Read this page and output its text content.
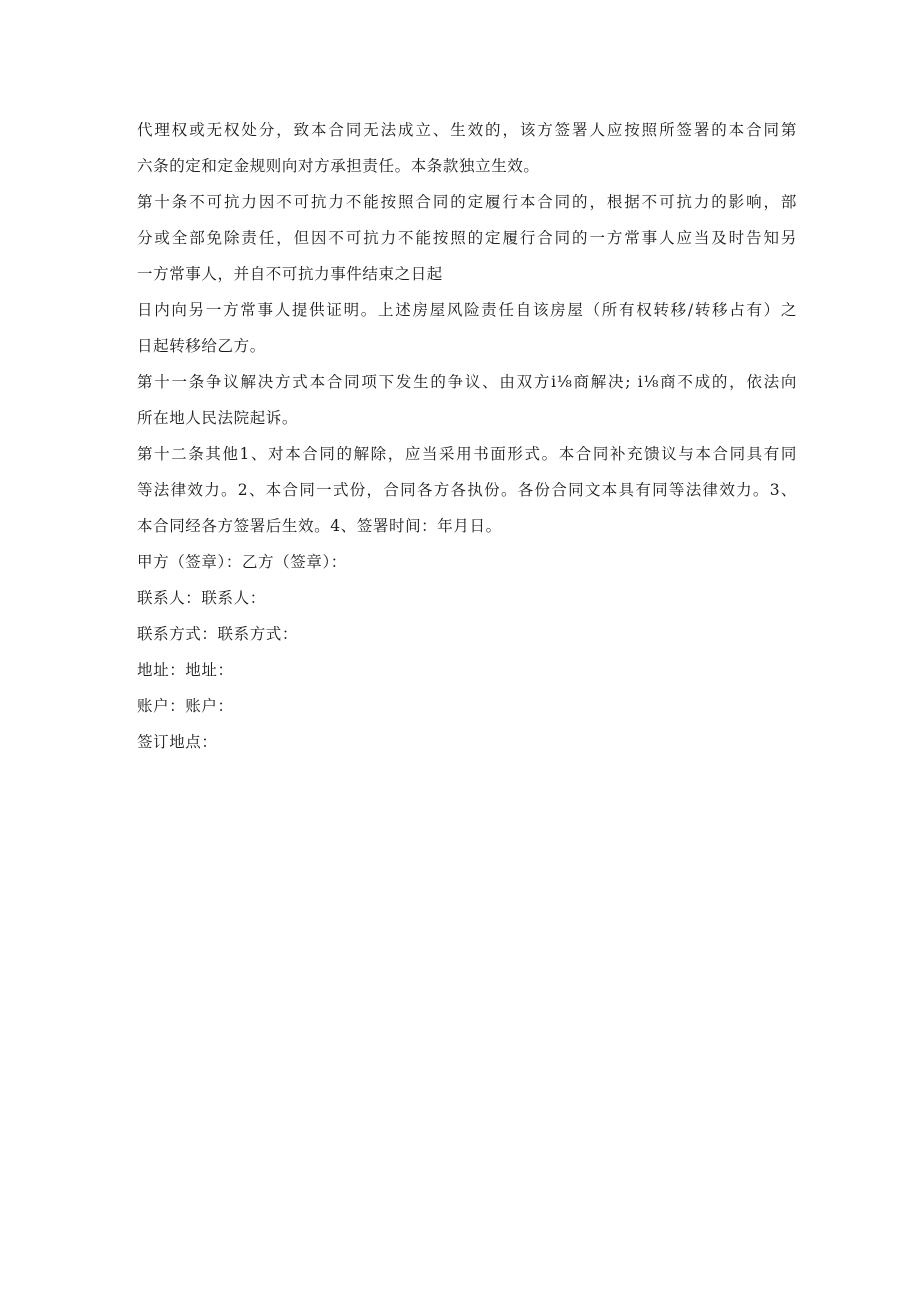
代理权或无权处分，致本合同无法成立、生效的，该方签署人应按照所签署的本合同第
六条的定和定金规则向对方承担责任。本条款独立生效。
第十条不可抗力因不可抗力不能按照合同的定履行本合同的，根据不可抗力的影响，部
分或全部免除责任，但因不可抗力不能按照的定履行合同的一方常事人应当及时告知另
一方常事人，并自不可抗力事件结束之日起
日内向另一方常事人提供证明。上述房屋风险责任自该房屋（所有权转移/转移占有）之
日起转移给乙方。
第十一条争议解决方式本合同项下发生的争议、由双方i⅛商解决; i⅛商不成的，依法向
所在地人民法院起诉。
第十二条其他1、对本合同的解除，应当采用书面形式。本合同补充馈议与本合同具有同
等法律效力。2、本合同一式份，合同各方各执份。各份合同文本具有同等法律效力。3、
本合同经各方签署后生效。4、签署时间：年月日。
甲方（签章）：乙方（签章）：
联系人：联系人：
联系方式：联系方式：
地址：地址：
账户：账户：
签订地点：
